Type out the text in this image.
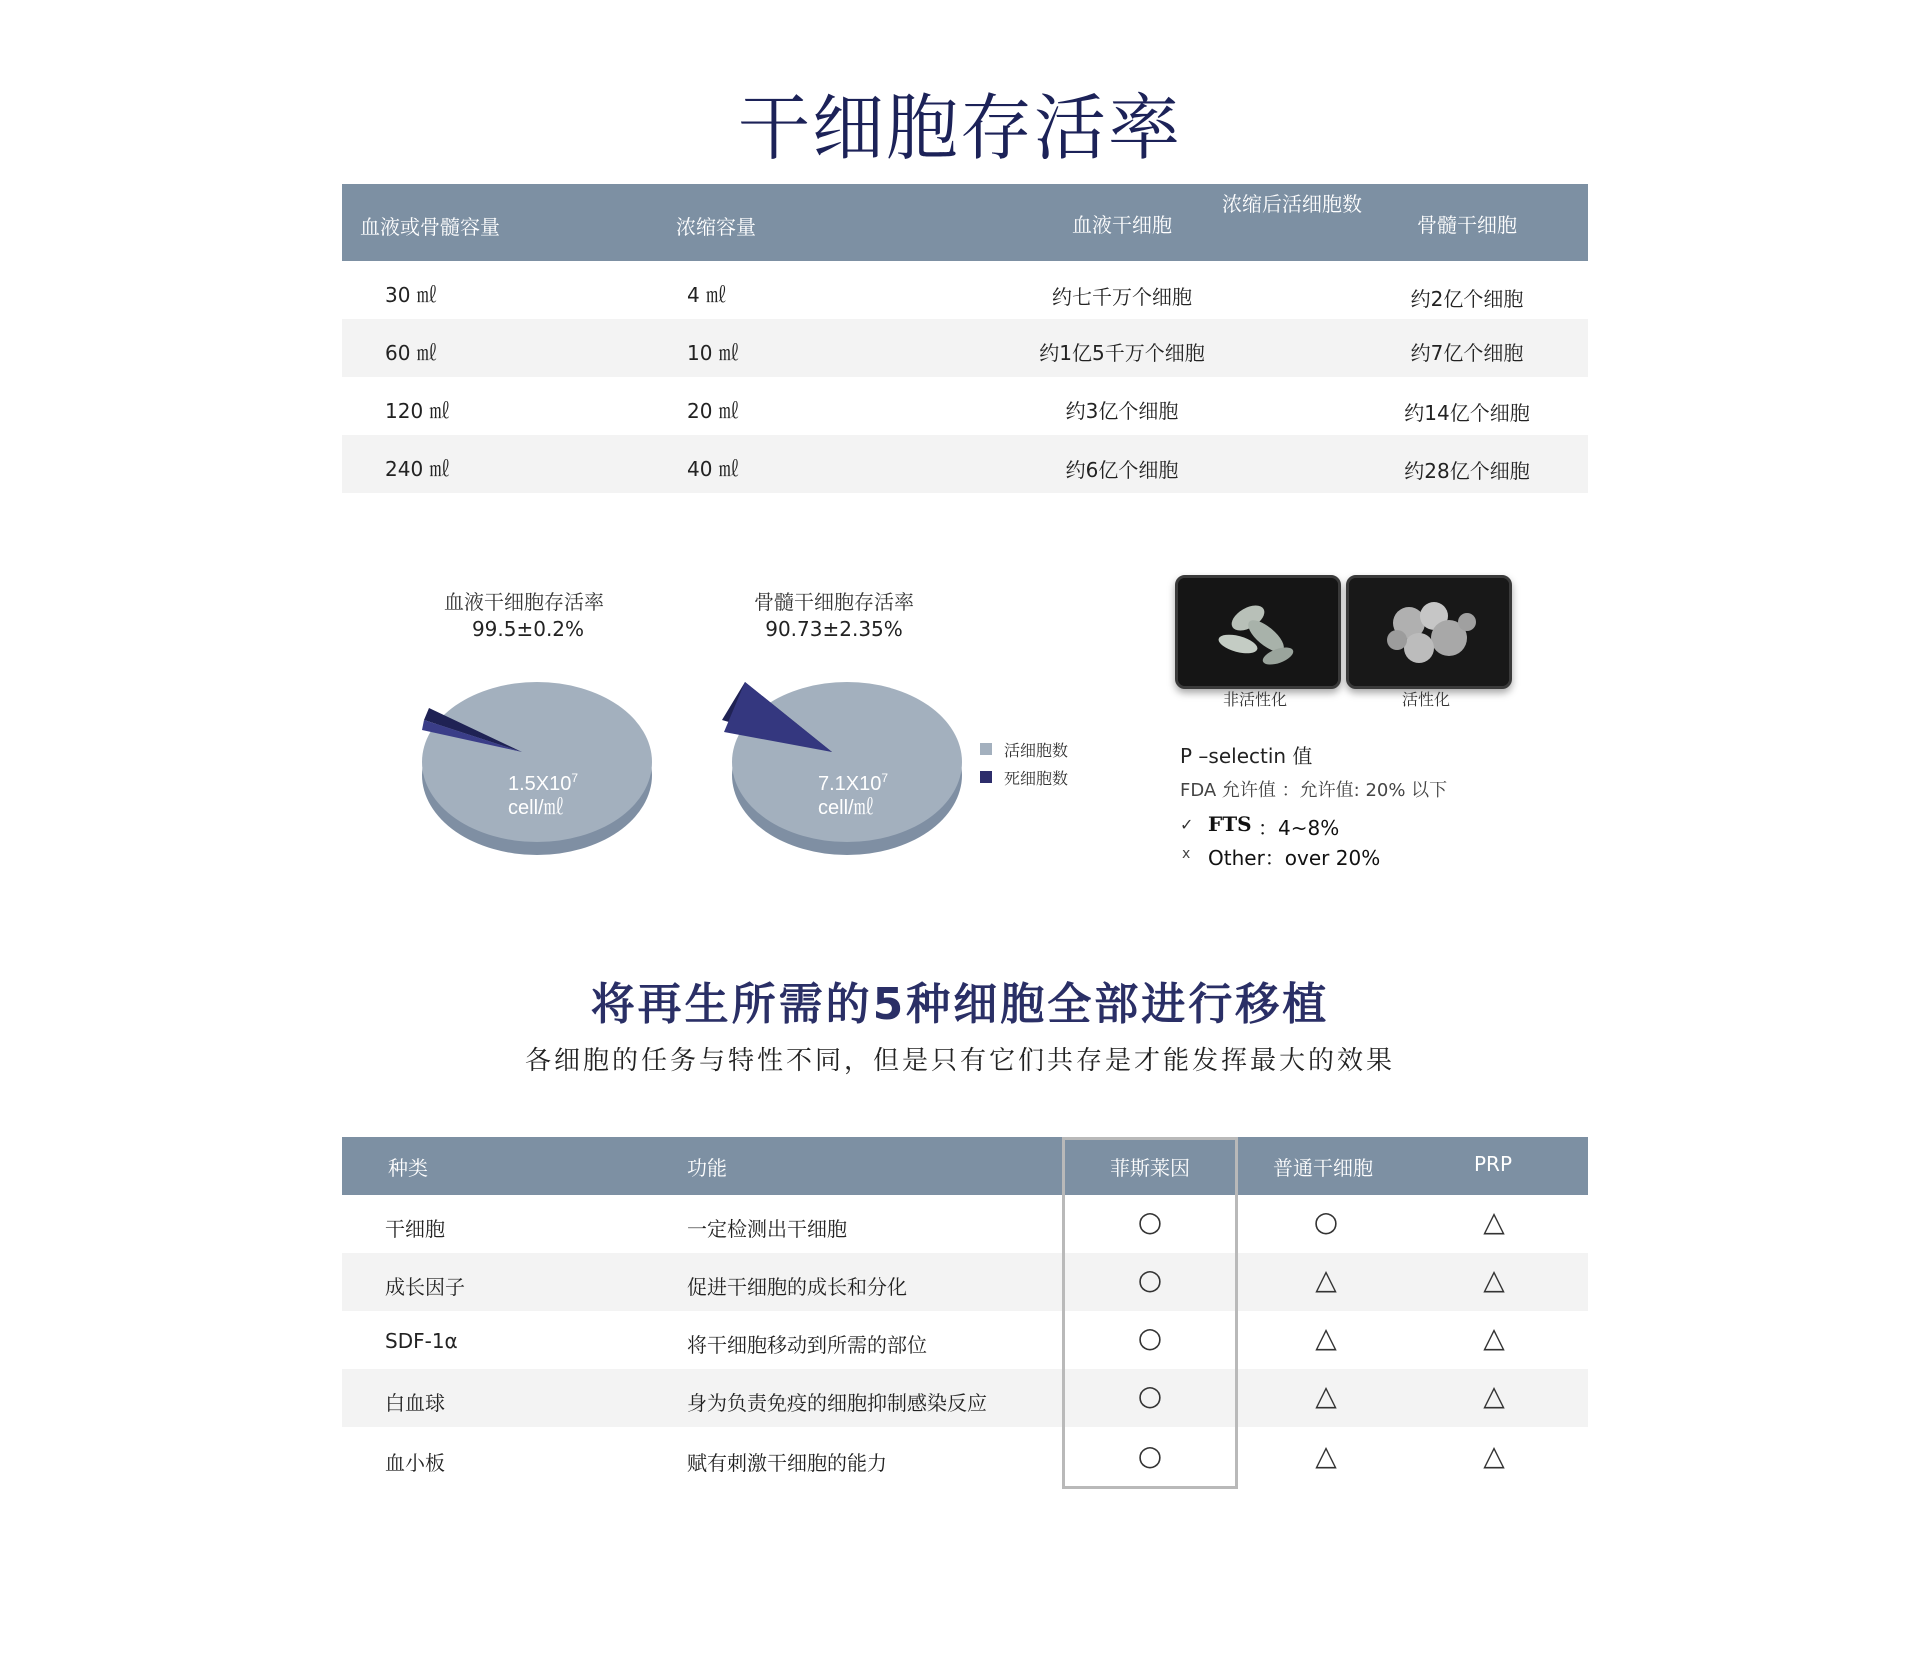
干细胞存活率
血液或骨髓容量	浓缩容量
浓缩后活细胞数
血液干细胞	骨髓干细胞
30 ㎖	4 ㎖	约七千万个细胞	约2亿个细胞
60 ㎖	10 ㎖	约1亿5千万个细胞	约7亿个细胞
120 ㎖	20 ㎖	约3亿个细胞	约14亿个细胞
240 ㎖	40 ㎖	约6亿个细胞	约28亿个细胞
血液干细胞存活率
99.5±0.2%
骨髓干细胞存活率
90.73±2.35%
$1.5X10^7$
cell/㎖
$7.1X10^7$
cell/㎖
活细胞数
死细胞数
非活性化	活性化
P –selectin 值
FDA 允许值 ：允许值: 20% 以下
✓ FTS ：4~8%
x Other：over 20%
将再生所需的5种细胞全部进行移植
各细胞的任务与特性不同，但是只有它们共存是才能发挥最大的效果
种类	功能	菲斯莱因	普通干细胞	PRP
干细胞	一定检测出干细胞	○	○	△
成长因子	促进干细胞的成长和分化	○	△	△
SDF-1α	将干细胞移动到所需的部位	○	△	△
白血球	身为负责免疫的细胞抑制感染反应	○	△	△
血小板	赋有刺激干细胞的能力	○	△	△
